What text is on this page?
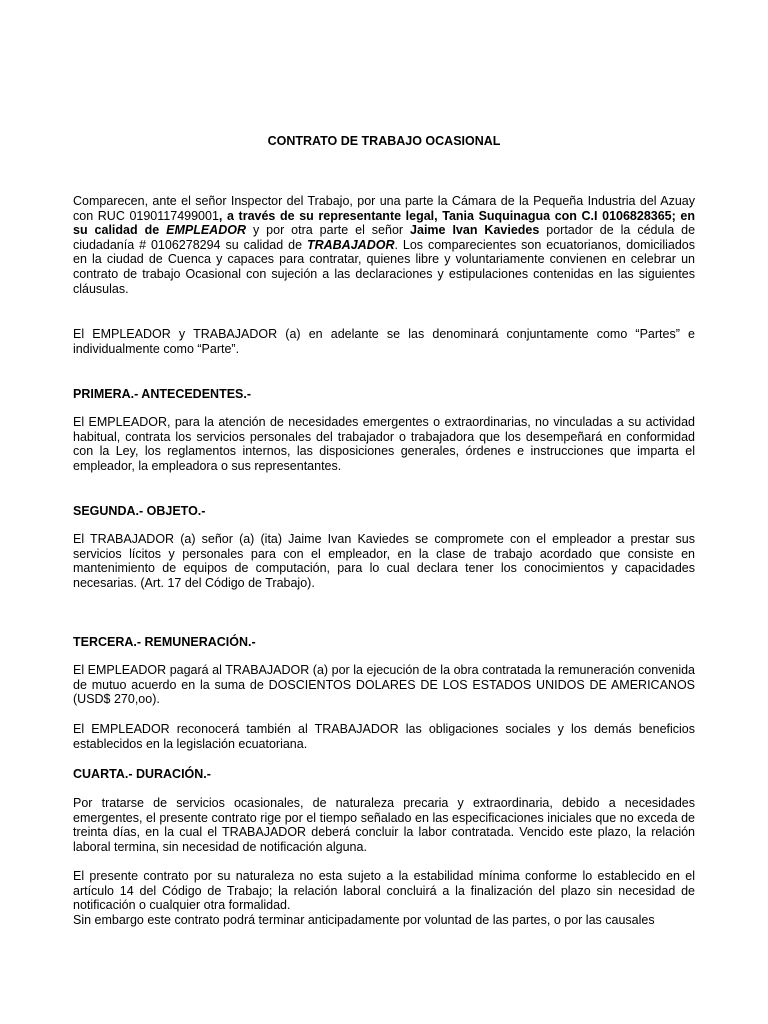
CONTRATO DE TRABAJO OCASIONAL

Comparecen, ante el señor Inspector del Trabajo, por una parte la Cámara de la Pequeña Industria del Azuay con RUC 0190117499001, a través de su representante legal, Tania Suquinagua con C.I 0106828365; en su calidad de EMPLEADOR y por otra parte el señor Jaime Ivan Kaviedes portador de la cédula de ciudadanía # 0106278294 su calidad de TRABAJADOR. Los comparecientes son ecuatorianos, domiciliados en la ciudad de Cuenca y capaces para contratar, quienes libre y voluntariamente convienen en celebrar un contrato de trabajo Ocasional con sujeción a las declaraciones y estipulaciones contenidas en las siguientes cláusulas.

El EMPLEADOR y TRABAJADOR (a) en adelante se las denominará conjuntamente como “Partes” e individualmente como “Parte”.

PRIMERA.- ANTECEDENTES.-

El EMPLEADOR, para la atención de necesidades emergentes o extraordinarias, no vinculadas a su actividad habitual, contrata los servicios personales del trabajador o trabajadora que los desempeñará en conformidad con la Ley, los reglamentos internos, las disposiciones generales, órdenes e instrucciones que imparta el empleador, la empleadora o sus representantes.

SEGUNDA.- OBJETO.-

El TRABAJADOR (a) señor (a) (ita) Jaime Ivan Kaviedes se compromete con el empleador a prestar sus servicios lícitos y personales para con el empleador, en la clase de trabajo acordado que consiste en mantenimiento de equipos de computación, para lo cual declara tener los conocimientos y capacidades necesarias. (Art. 17 del Código de Trabajo).

TERCERA.- REMUNERACIÓN.-

El EMPLEADOR pagará al TRABAJADOR (a) por la ejecución de la obra contratada la remuneración convenida de mutuo acuerdo en la suma de DOSCIENTOS DOLARES DE LOS ESTADOS UNIDOS DE AMERICANOS (USD$ 270,oo).

El EMPLEADOR reconocerá también al TRABAJADOR las obligaciones sociales y los demás beneficios establecidos en la legislación ecuatoriana.

CUARTA.- DURACIÓN.-

Por tratarse de servicios ocasionales, de naturaleza precaria y extraordinaria, debido a necesidades emergentes, el presente contrato rige por el tiempo señalado en las especificaciones iniciales que no exceda de treinta días, en la cual el TRABAJADOR deberá concluir la labor contratada. Vencido este plazo, la relación laboral termina, sin necesidad de notificación alguna.

El presente contrato por su naturaleza no esta sujeto a la estabilidad mínima conforme lo establecido en el artículo 14 del Código de Trabajo; la relación laboral concluirá a la finalización del plazo sin necesidad de notificación o cualquier otra formalidad.

Sin embargo este contrato podrá terminar anticipadamente por voluntad de las partes, o por las causales
